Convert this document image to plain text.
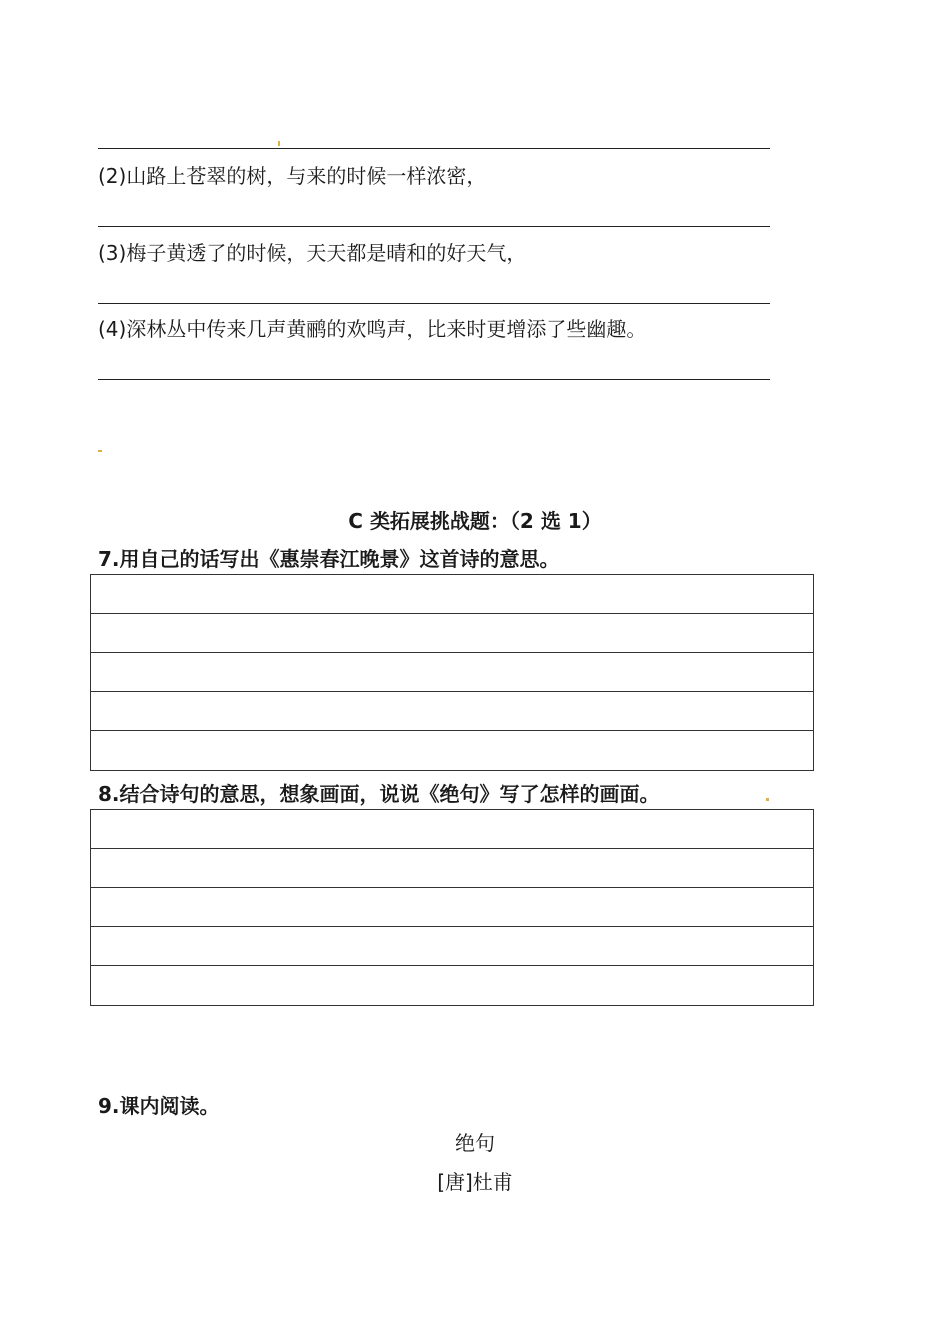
(2)山路上苍翠的树，与来的时候一样浓密，
(3)梅子黄透了的时候，天天都是晴和的好天气，
(4)深林丛中传来几声黄鹂的欢鸣声，比来时更增添了些幽趣。
C 类拓展挑战题：（2 选 1）
7.用自己的话写出《惠崇春江晚景》这首诗的意思。
8.结合诗句的意思，想象画面，说说《绝句》写了怎样的画面。
9.课内阅读。
绝句
[唐]杜甫
